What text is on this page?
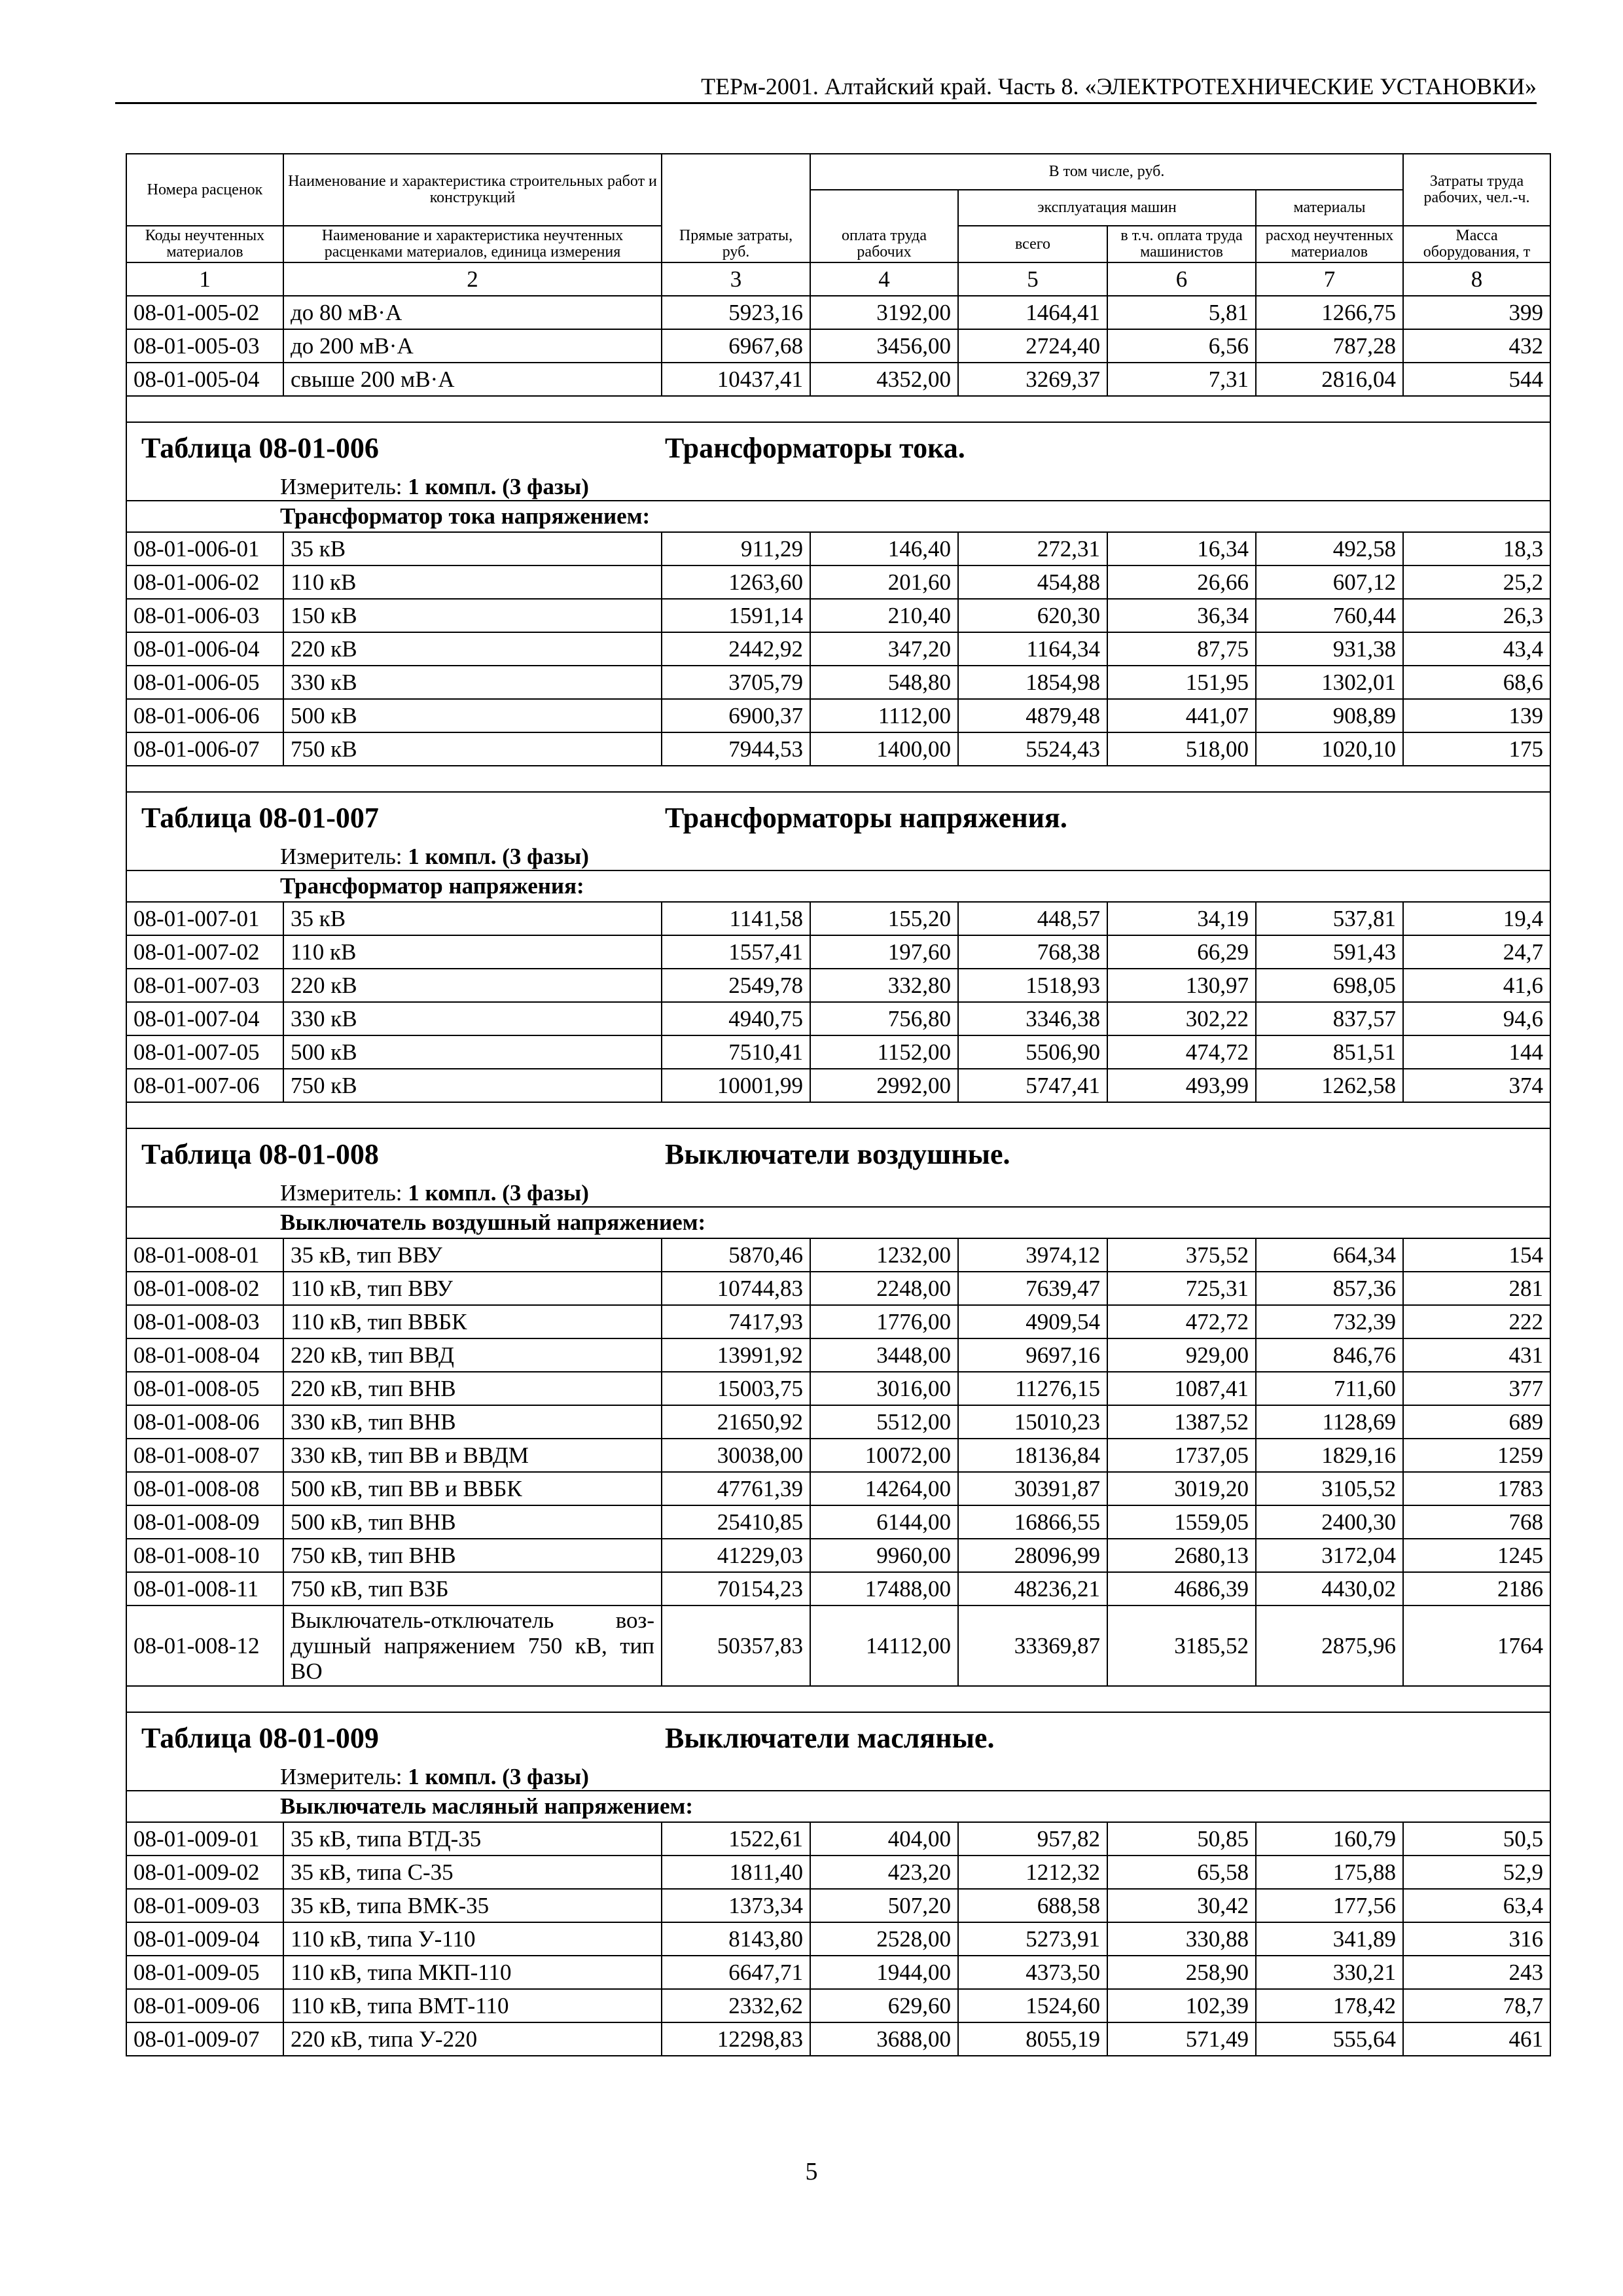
ТЕРм-2001. Алтайский край. Часть 8. «ЭЛЕКТРОТЕХНИЧЕСКИЕ УСТАНОВКИ»
Номера расценок	Наименование и характеристика строительных работ и конструкций	Прямые затраты, руб.	В том числе, руб.				Затраты труда рабочих, чел.-ч.
			оплата труда рабочих	эксплуатация машин		материалы	
Коды неучтенных материалов	Наименование и характеристика неучтенных расценками материалов, единица измерения			всего	в т.ч. оплата труда машинистов	расход неучтенных материалов	Масса оборудования, т
1	2	3	4	5	6	7	8
08-01-005-02	до 80 мВ·А	5923,16	3192,00	1464,41	5,81	1266,75	399
08-01-005-03	до 200 мВ·А	6967,68	3456,00	2724,40	6,56	787,28	432
08-01-005-04	свыше 200 мВ·А	10437,41	4352,00	3269,37	7,31	2816,04	544

Таблица 08-01-006 Трансформаторы тока.							
Измеритель: 1 компл. (3 фазы)							
Трансформатор тока напряжением:							
08-01-006-01	35 кВ	911,29	146,40	272,31	16,34	492,58	18,3
08-01-006-02	110 кВ	1263,60	201,60	454,88	26,66	607,12	25,2
08-01-006-03	150 кВ	1591,14	210,40	620,30	36,34	760,44	26,3
08-01-006-04	220 кВ	2442,92	347,20	1164,34	87,75	931,38	43,4
08-01-006-05	330 кВ	3705,79	548,80	1854,98	151,95	1302,01	68,6
08-01-006-06	500 кВ	6900,37	1112,00	4879,48	441,07	908,89	139
08-01-006-07	750 кВ	7944,53	1400,00	5524,43	518,00	1020,10	175

Таблица 08-01-007 Трансформаторы напряжения.							
Измеритель: 1 компл. (3 фазы)							
Трансформатор напряжения:							
08-01-007-01	35 кВ	1141,58	155,20	448,57	34,19	537,81	19,4
08-01-007-02	110 кВ	1557,41	197,60	768,38	66,29	591,43	24,7
08-01-007-03	220 кВ	2549,78	332,80	1518,93	130,97	698,05	41,6
08-01-007-04	330 кВ	4940,75	756,80	3346,38	302,22	837,57	94,6
08-01-007-05	500 кВ	7510,41	1152,00	5506,90	474,72	851,51	144
08-01-007-06	750 кВ	10001,99	2992,00	5747,41	493,99	1262,58	374

Таблица 08-01-008 Выключатели воздушные.							
Измеритель: 1 компл. (3 фазы)							
Выключатель воздушный напряжением:							
08-01-008-01	35 кВ, тип ВВУ	5870,46	1232,00	3974,12	375,52	664,34	154
08-01-008-02	110 кВ, тип ВВУ	10744,83	2248,00	7639,47	725,31	857,36	281
08-01-008-03	110 кВ, тип ВВБК	7417,93	1776,00	4909,54	472,72	732,39	222
08-01-008-04	220 кВ, тип ВВД	13991,92	3448,00	9697,16	929,00	846,76	431
08-01-008-05	220 кВ, тип ВНВ	15003,75	3016,00	11276,15	1087,41	711,60	377
08-01-008-06	330 кВ, тип ВНВ	21650,92	5512,00	15010,23	1387,52	1128,69	689
08-01-008-07	330 кВ, тип ВВ и ВВДМ	30038,00	10072,00	18136,84	1737,05	1829,16	1259
08-01-008-08	500 кВ, тип ВВ и ВВБК	47761,39	14264,00	30391,87	3019,20	3105,52	1783
08-01-008-09	500 кВ, тип ВНВ	25410,85	6144,00	16866,55	1559,05	2400,30	768
08-01-008-10	750 кВ, тип ВНВ	41229,03	9960,00	28096,99	2680,13	3172,04	1245
08-01-008-11	750 кВ, тип ВЗБ	70154,23	17488,00	48236,21	4686,39	4430,02	2186
08-01-008-12	Выключатель-отключатель воз-душный напряжением 750 кВ, тип ВО	50357,83	14112,00	33369,87	3185,52	2875,96	1764

Таблица 08-01-009 Выключатели масляные.							
Измеритель: 1 компл. (3 фазы)							
Выключатель масляный напряжением:							
08-01-009-01	35 кВ, типа ВТД-35	1522,61	404,00	957,82	50,85	160,79	50,5
08-01-009-02	35 кВ, типа С-35	1811,40	423,20	1212,32	65,58	175,88	52,9
08-01-009-03	35 кВ, типа ВМК-35	1373,34	507,20	688,58	30,42	177,56	63,4
08-01-009-04	110 кВ, типа У-110	8143,80	2528,00	5273,91	330,88	341,89	316
08-01-009-05	110 кВ, типа МКП-110	6647,71	1944,00	4373,50	258,90	330,21	243
08-01-009-06	110 кВ, типа ВМТ-110	2332,62	629,60	1524,60	102,39	178,42	78,7
08-01-009-07	220 кВ, типа У-220	12298,83	3688,00	8055,19	571,49	555,64	461
5
